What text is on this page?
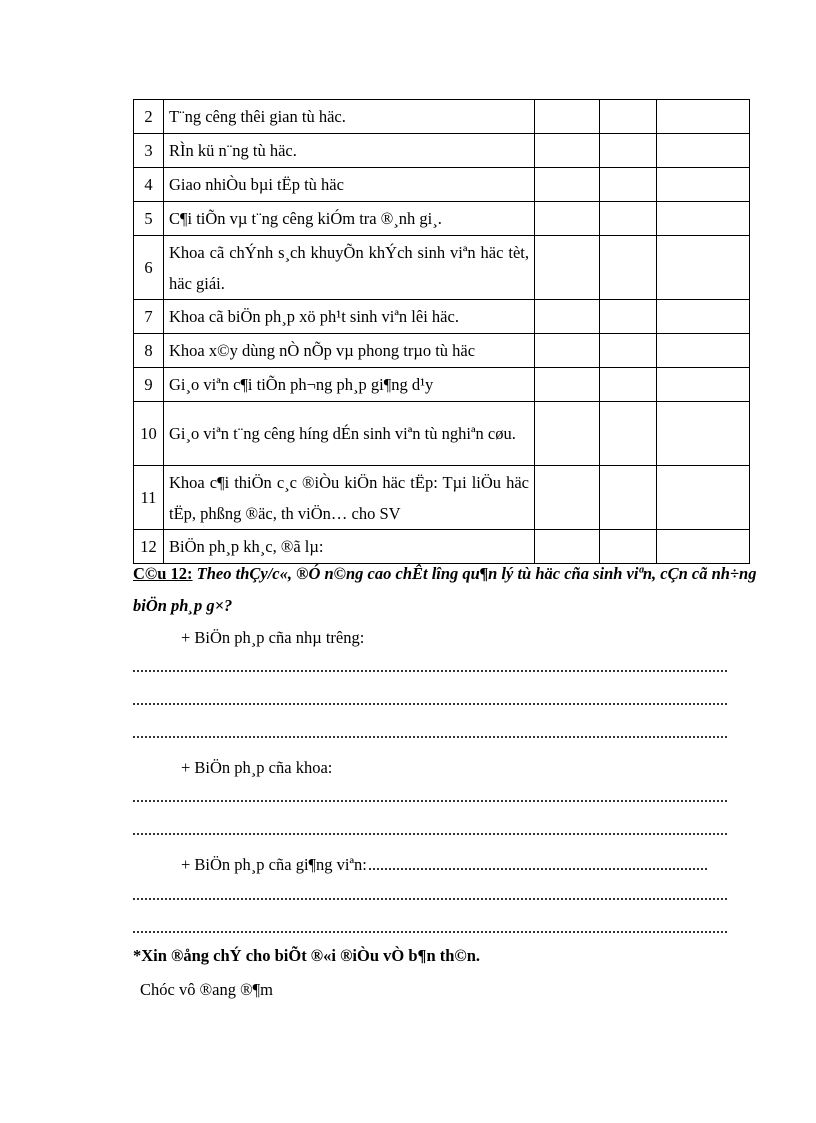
2	T¨ng cêng thêi gian tù häc.			
3	RÌn kü n¨ng tù häc.			
4	Giao nhiÒu bµi tËp tù häc			
5	C¶i tiÕn vµ t¨ng cêng kiÓm tra ®¸nh gi¸.			
6	Khoa cã chÝnh s¸ch khuyÕn khÝch sinh viªn häc tèt, häc giái.			
7	Khoa cã biÖn ph¸p xö ph¹t sinh viªn lêi häc.			
8	Khoa x©y dùng nÒ nÕp vµ phong trµo tù häc			
9	Gi¸o viªn c¶i tiÕn ph¬ng ph¸p gi¶ng d¹y			
10	Gi¸o viªn t¨ng cêng híng dÉn sinh viªn tù nghiªn cøu.			
11	Khoa c¶i thiÖn c¸c ®iÒu kiÖn häc tËp: Tµi liÖu häc tËp, phßng ®äc, th viÖn… cho SV			
12	BiÖn ph¸p kh¸c, ®ã lµ:			
C©u 12: Theo thÇy/c«, ®Ó n©ng cao chÊt lîng qu¶n lý tù häc cña sinh viªn, cÇn cã nh÷ng biÖn ph¸p g×?
+ BiÖn ph¸p cña nhµ trêng:
+ BiÖn ph¸p cña khoa:
+ BiÖn ph¸p cña gi¶ng viªn:
*Xin ®ång chÝ cho biÕt ®«i ®iÒu vÒ b¶n th©n.
Chóc vô ®ang ®¶m
